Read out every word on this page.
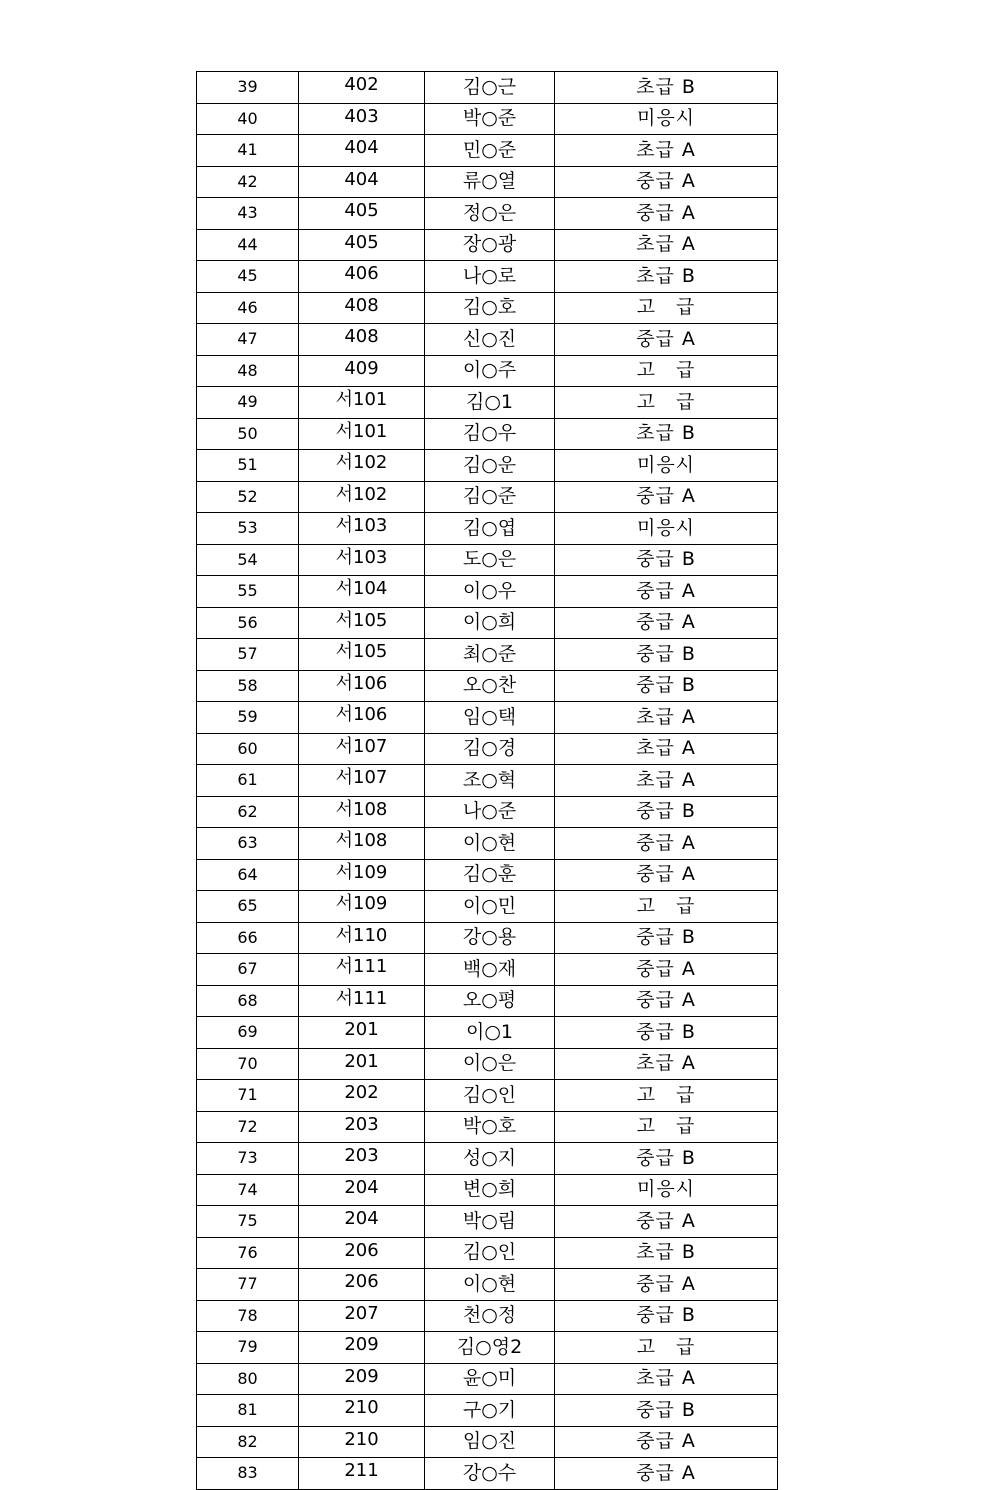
39	402	김○근	초급 B
40	403	박○준	미응시
41	404	민○준	초급 A
42	404	류○열	중급 A
43	405	정○은	중급 A
44	405	장○광	초급 A
45	406	나○로	초급 B
46	408	김○호	고　급
47	408	신○진	중급 A
48	409	이○주	고　급
49	서101	김○1	고　급
50	서101	김○우	초급 B
51	서102	김○운	미응시
52	서102	김○준	중급 A
53	서103	김○엽	미응시
54	서103	도○은	중급 B
55	서104	이○우	중급 A
56	서105	이○희	중급 A
57	서105	최○준	중급 B
58	서106	오○찬	중급 B
59	서106	임○택	초급 A
60	서107	김○경	초급 A
61	서107	조○혁	초급 A
62	서108	나○준	중급 B
63	서108	이○현	중급 A
64	서109	김○훈	중급 A
65	서109	이○민	고　급
66	서110	강○용	중급 B
67	서111	백○재	중급 A
68	서111	오○평	중급 A
69	201	이○1	중급 B
70	201	이○은	초급 A
71	202	김○인	고　급
72	203	박○호	고　급
73	203	성○지	중급 B
74	204	변○희	미응시
75	204	박○림	중급 A
76	206	김○인	초급 B
77	206	이○현	중급 A
78	207	천○정	중급 B
79	209	김○영2	고　급
80	209	윤○미	초급 A
81	210	구○기	중급 B
82	210	임○진	중급 A
83	211	강○수	중급 A
